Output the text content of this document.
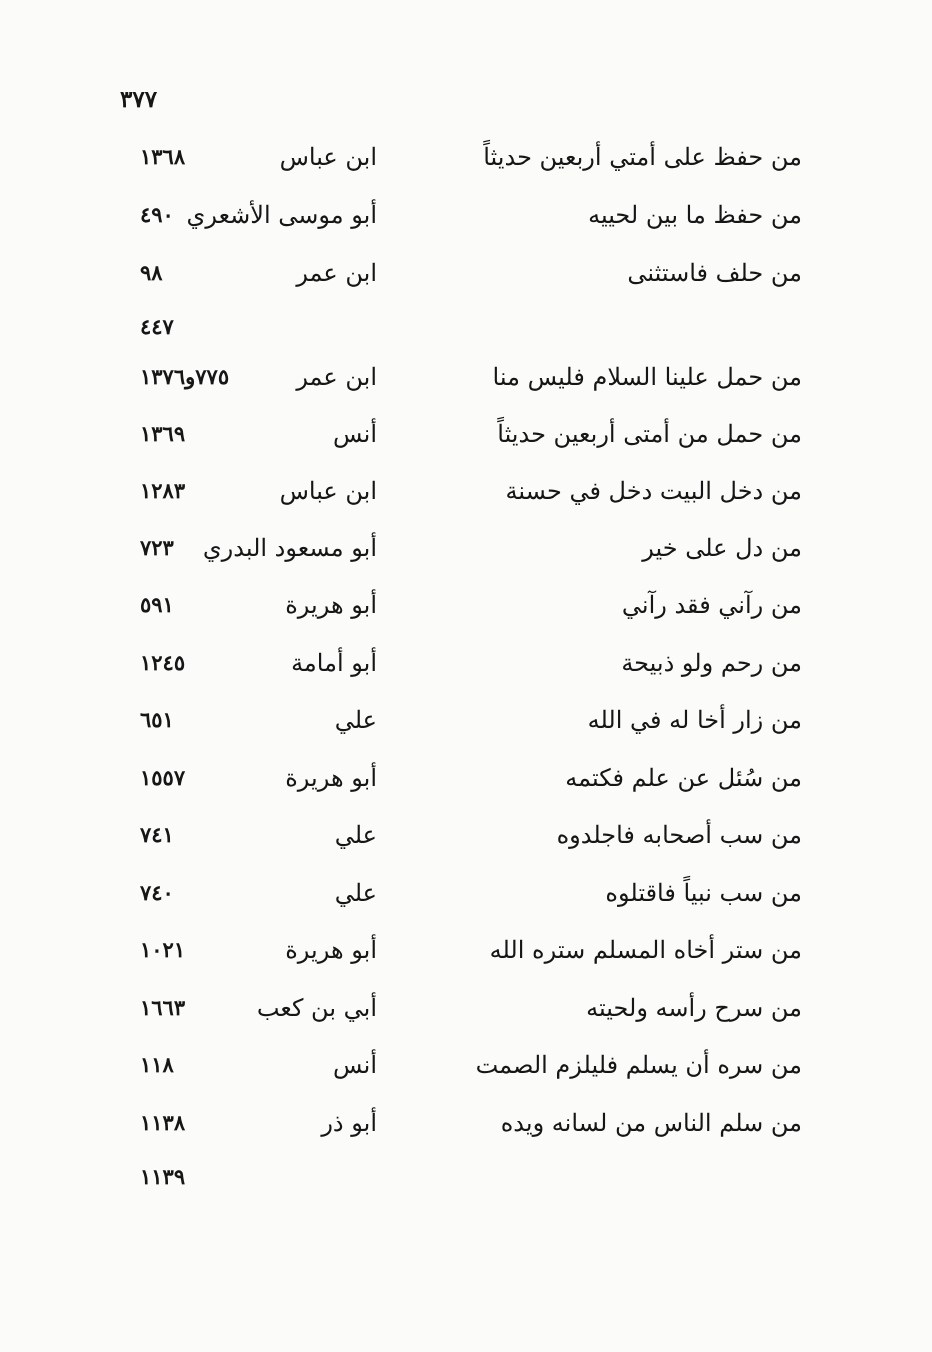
٣٧٧
من حفظ على أمتي أربعين حديثاً
ابن عباس
١٣٦٨
من حفظ ما بين لحييه
أبو موسى الأشعري
٤٩٠
من حلف فاستثنى
ابن عمر
٩٨
٤٤٧
من حمل علينا السلام فليس منا
ابن عمر
٧٧٥و١٣٧٦
من حمل من أمتى أربعين حديثاً
أنس
١٣٦٩
من دخل البيت دخل في حسنة
ابن عباس
١٢٨٣
من دل على خير
أبو مسعود البدري
٧٢٣
من رآني فقد رآني
أبو هريرة
٥٩١
من رحم ولو ذبيحة
أبو أمامة
١٢٤٥
من زار أخا له في الله
علي
٦٥١
من سُئل عن علم فكتمه
أبو هريرة
١٥٥٧
من سب أصحابه فاجلدوه
علي
٧٤١
من سب نبياً فاقتلوه
علي
٧٤٠
من ستر أخاه المسلم ستره الله
أبو هريرة
١٠٢١
من سرح رأسه ولحيته
أبي بن كعب
١٦٦٣
من سره أن يسلم فليلزم الصمت
أنس
١١٨
من سلم الناس من لسانه ويده
أبو ذر
١١٣٨
١١٣٩
